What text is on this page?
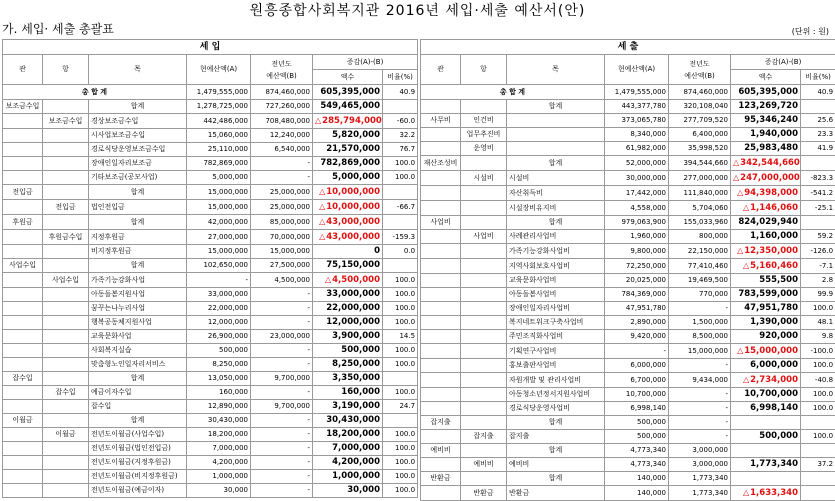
원흥종합사회복지관 2016년 세입·세출 예산서(안)
가. 세입· 세출 총괄표	(단위 : 원)
세 입						
관	항	목	현예산액(A)	전년도
예산액(B)	증감(A)-(B)	
					액수	비율(%)
총 합 계			1,479,555,000	874,460,000	605,395,000	40.9
보조금수입		합계	1,278,725,000	727,260,000	549,465,000	
	보조금수입	경상보조금수입	442,486,000	708,480,000	△285,794,000	-60.0
		시사업보조금수입	15,060,000	12,240,000	5,820,000	32.2
		경로식당운영보조금수입	25,110,000	6,540,000	21,570,000	76.7
		장애인일자리보조금	782,869,000	-	782,869,000	100.0
		기타보조금(공모사업)	5,000,000	-	5,000,000	100.0
전입금		합계	15,000,000	25,000,000	△10,000,000	
	전입금	법인전입금	15,000,000	25,000,000	△10,000,000	-66.7
후원금		합계	42,000,000	85,000,000	△43,000,000	
	후원금수입	지정후원금	27,000,000	70,000,000	△43,000,000	-159.3
		비지정후원금	15,000,000	15,000,000	0	0.0
사업수입		합계	102,650,000	27,500,000	75,150,000	
	사업수입	가족기능강화사업	-	4,500,000	△4,500,000	100.0
		아동돌봄지원사업	33,000,000	-	33,000,000	100.0
		꿈꾸는나누리사업	22,000,000	-	22,000,000	100.0
		행복공동체지원사업	12,000,000	-	12,000,000	100.0
		교육문화사업	26,900,000	23,000,000	3,900,000	14.5
		사회복지실습	500,000	-	500,000	100.0
		맞춤형노인일자리서비스	8,250,000	-	8,250,000	100.0
잡수입		합계	13,050,000	9,700,000	3,350,000	
	잡수입	예금이자수입	160,000	-	160,000	100.0
		잡수입	12,890,000	9,700,000	3,190,000	24.7
이월금		합계	30,430,000	-	30,430,000	
	이월금	전년도이월금(사업수입)	18,200,000	-	18,200,000	100.0
		전년도이월금(법인전입금)	7,000,000	-	7,000,000	100.0
		전년도이월금(지정후원금)	4,200,000	-	4,200,000	100.0
		전년도이월금(비지정후원금)	1,000,000	-	1,000,000	100.0
		전년도이월금(예금이자)	30,000	-	30,000	100.0
세 출						
관	항	목	현예산액(A)	전년도
예산액(B)	증감(A)-(B)	
					액수	비율(%)
총 합 계			1,479,555,000	874,460,000	605,395,000	40.9
		합계	443,377,780	320,108,040	123,269,720	
사무비	인건비		373,065,780	277,709,520	95,346,240	25.6
	업무추진비		8,340,000	6,400,000	1,940,000	23.3
	운영비		61,982,000	35,998,520	25,983,480	41.9
재산조성비		합계	52,000,000	394,544,660	△342,544,660	
	시설비	시설비	30,000,000	277,000,000	△247,000,000	-823.3
		자산취득비	17,442,000	111,840,000	△94,398,000	-541.2
		시설장비유지비	4,558,000	5,704,060	△1,146,060	-25.1
사업비		합계	979,063,900	155,033,960	824,029,940	
	사업비	사례관리사업비	1,960,000	800,000	1,160,000	59.2
		가족기능강화사업비	9,800,000	22,150,000	△12,350,000	-126.0
		지역사회보호사업비	72,250,000	77,410,460	△5,160,460	-7.1
		교육문화사업비	20,025,000	19,469,500	555,500	2.8
		아동돌봄사업비	784,369,000	770,000	783,599,000	99.9
		장애인일자리사업비	47,951,780	-	47,951,780	100.0
		복지네트워크구축사업비	2,890,000	1,500,000	1,390,000	48.1
		주민조직화사업비	9,420,000	8,500,000	920,000	9.8
		기획연구사업비	-	15,000,000	△15,000,000	-100.0
		홍보출판사업비	6,000,000	-	6,000,000	100.0
		자원개발 및 관리사업비	6,700,000	9,434,000	△2,734,000	-40.8
		아동청소년정서지원사업비	10,700,000	-	10,700,000	100.0
		경로식당운영사업비	6,998,140	-	6,998,140	100.0
잡지출		합계	500,000	-		
	잡지출	잡지출	500,000	-	500,000	100.0
예비비		합계	4,773,340	3,000,000		
	예비비	예비비	4,773,340	3,000,000	1,773,340	37.2
반환금		합계	140,000	1,773,340		
	반환금	반환금	140,000	1,773,340	△1,633,340	
